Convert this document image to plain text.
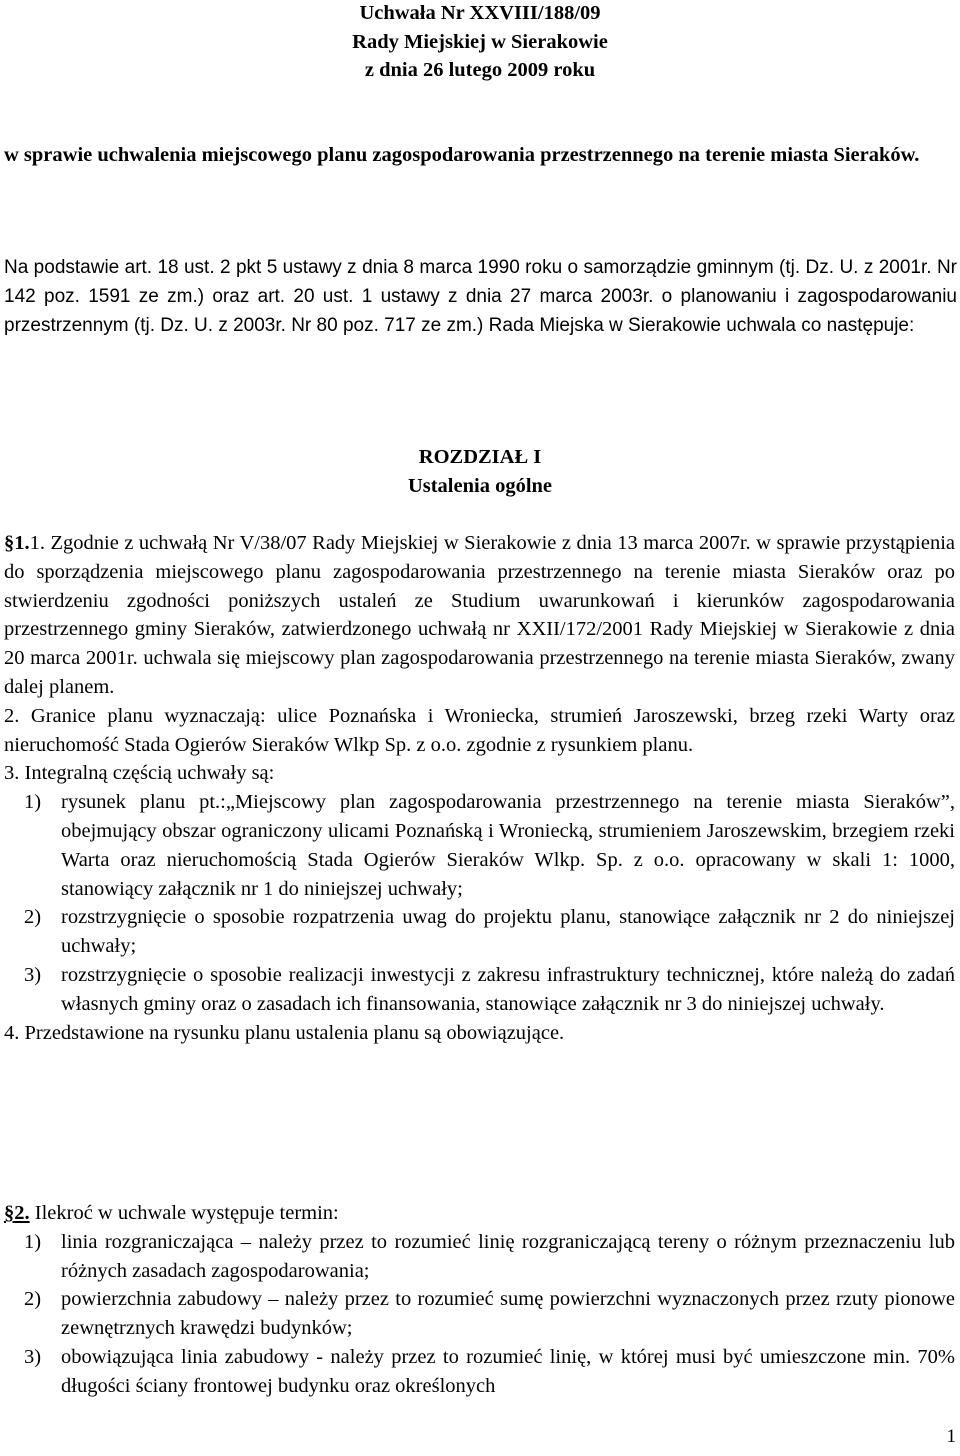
Uchwała Nr XXVIII/188/09
Rady Miejskiej w Sierakowie
z dnia 26 lutego 2009 roku
w sprawie uchwalenia miejscowego planu zagospodarowania przestrzennego na terenie miasta Sieraków.
Na podstawie art. 18 ust. 2 pkt 5 ustawy z dnia 8 marca 1990 roku o samorządzie gminnym (tj. Dz. U. z 2001r. Nr 142 poz. 1591 ze zm.) oraz art. 20 ust. 1 ustawy z dnia 27 marca 2003r. o planowaniu i zagospodarowaniu przestrzennym (tj. Dz. U. z 2003r. Nr 80 poz. 717 ze zm.) Rada Miejska w Sierakowie uchwala co następuje:
ROZDZIAŁ I
Ustalenia ogólne

§1.1. Zgodnie z uchwałą Nr V/38/07 Rady Miejskiej w Sierakowie z dnia 13 marca 2007r. w sprawie przystąpienia do sporządzenia miejscowego planu zagospodarowania przestrzennego na terenie miasta Sieraków oraz po stwierdzeniu zgodności poniższych ustaleń ze Studium uwarunkowań i kierunków zagospodarowania przestrzennego gminy Sieraków, zatwierdzonego uchwałą nr XXII/172/2001 Rady Miejskiej w Sierakowie z dnia 20 marca 2001r. uchwala się miejscowy plan zagospodarowania przestrzennego na terenie miasta Sieraków, zwany dalej planem.

2. Granice planu wyznaczają: ulice Poznańska i Wroniecka, strumień Jaroszewski, brzeg rzeki Warty oraz nieruchomość Stada Ogierów Sieraków Wlkp Sp. z o.o. zgodnie z rysunkiem planu.

3. Integralną częścią uchwały są:

1) rysunek planu pt.:„Miejscowy plan zagospodarowania przestrzennego na terenie miasta Sieraków”, obejmujący obszar ograniczony ulicami Poznańską i Wroniecką, strumieniem Jaroszewskim, brzegiem rzeki Warta oraz nieruchomością Stada Ogierów Sieraków Wlkp. Sp. z o.o. opracowany w skali 1: 1000, stanowiący załącznik nr 1 do niniejszej uchwały;
2) rozstrzygnięcie o sposobie rozpatrzenia uwag do projektu planu, stanowiące załącznik nr 2 do niniejszej uchwały;
3) rozstrzygnięcie o sposobie realizacji inwestycji z zakresu infrastruktury technicznej, które należą do zadań własnych gminy oraz o zasadach ich finansowania, stanowiące załącznik nr 3 do niniejszej uchwały.

4. Przedstawione na rysunku planu ustalenia planu są obowiązujące.

§2. Ilekroć w uchwale występuje termin:

1) linia rozgraniczająca – należy przez to rozumieć linię rozgraniczającą tereny o różnym przeznaczeniu lub różnych zasadach zagospodarowania;
2) powierzchnia zabudowy – należy przez to rozumieć sumę powierzchni wyznaczonych przez rzuty pionowe zewnętrznych krawędzi budynków;
3) obowiązująca linia zabudowy - należy przez to rozumieć linię, w której musi być umieszczone min. 70% długości ściany frontowej budynku oraz określonych
1
